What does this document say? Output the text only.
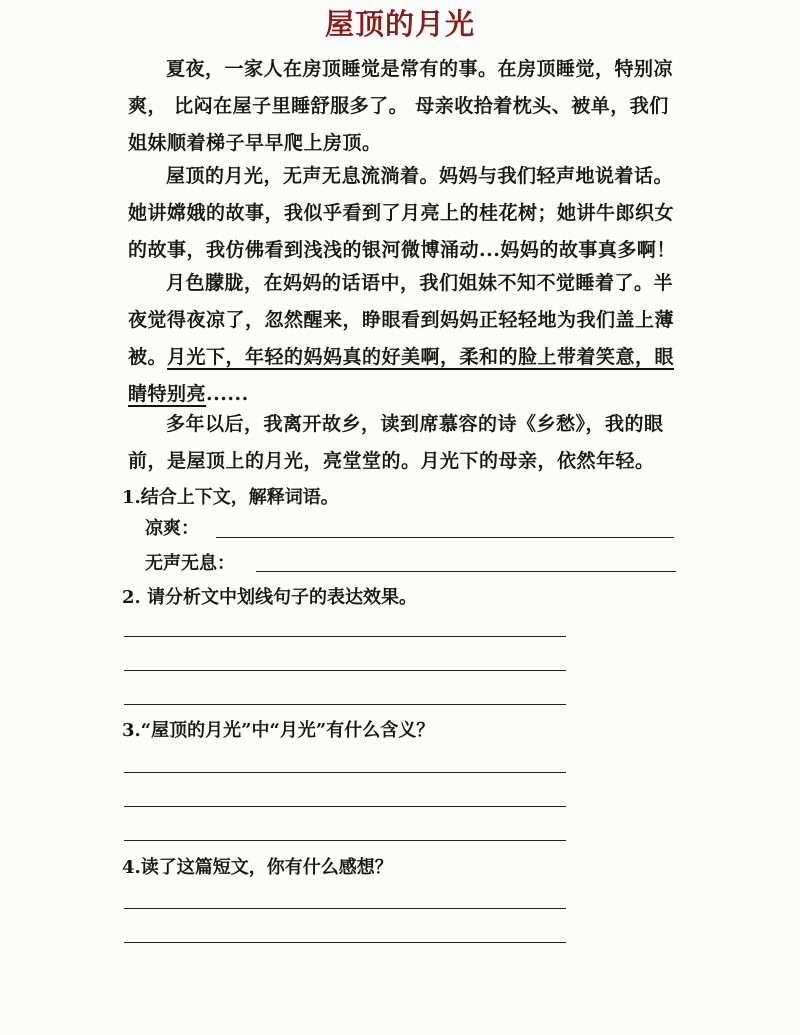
屋顶的月光

夏夜，一家人在房顶睡觉是常有的事。在房顶睡觉，特别凉爽， 比闷在屋子里睡舒服多了。 母亲收拾着枕头、被单，我们姐妹顺着梯子早早爬上房顶。

屋顶的月光，无声无息流淌着。妈妈与我们轻声地说着话。她讲嫦娥的故事，我似乎看到了月亮上的桂花树；她讲牛郎织女的故事，我仿佛看到浅浅的银河微博涌动...妈妈的故事真多啊！

月色朦胧，在妈妈的话语中，我们姐妹不知不觉睡着了。半夜觉得夜凉了，忽然醒来，睁眼看到妈妈正轻轻地为我们盖上薄被。月光下，年轻的妈妈真的好美啊，柔和的脸上带着笑意，眼睛特别亮......

多年以后，我离开故乡，读到席慕容的诗《乡愁》，我的眼前，是屋顶上的月光，亮堂堂的。月光下的母亲，依然年轻。

1.结合上下文，解释词语。
凉爽：
无声无息：
2. 请分析文中划线句子的表达效果。
3.“屋顶的月光”中“月光”有什么含义？
4.读了这篇短文，你有什么感想？
